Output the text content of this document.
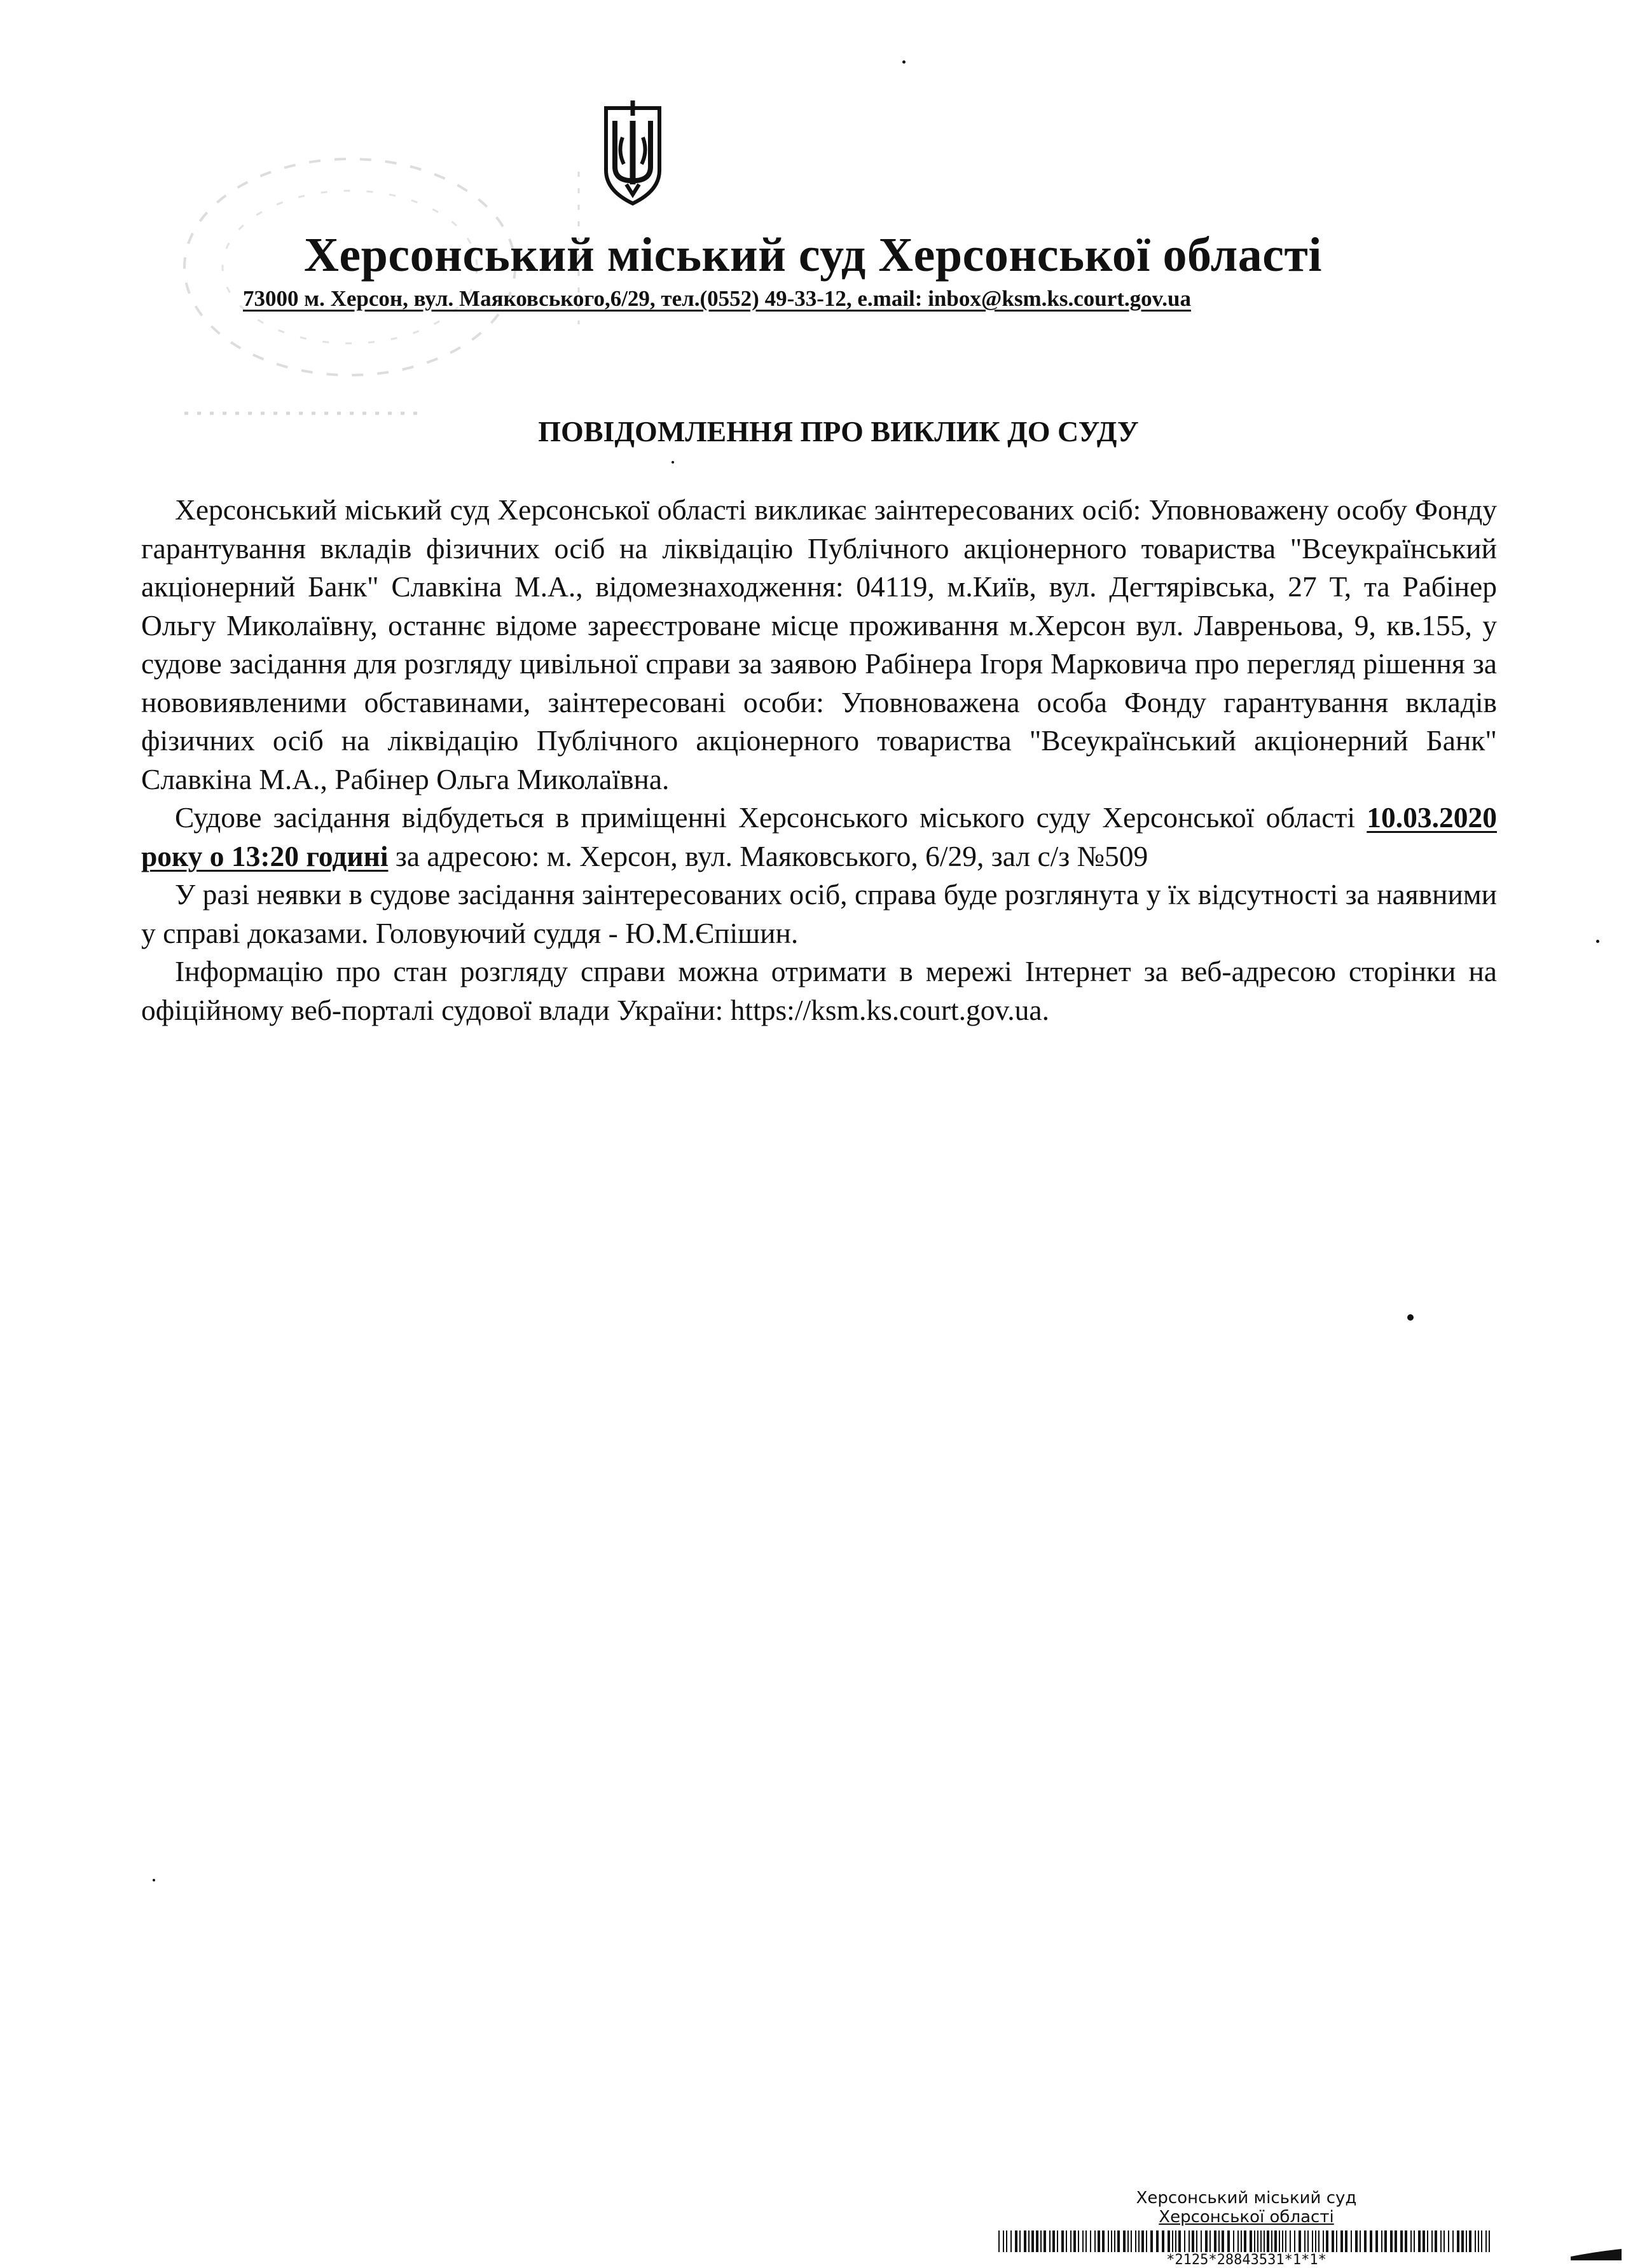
Херсонський міський суд Херсонської області
73000 м. Херсон, вул. Маяковського,6/29, тел.(0552) 49-33-12, e.mail: inbox@ksm.ks.court.gov.ua
ПОВІДОМЛЕННЯ ПРО ВИКЛИК ДО СУДУ

Херсонський міський суд Херсонської області викликає заінтересованих осіб: Уповноважену особу Фонду гарантування вкладів фізичних осіб на ліквідацію Публічного акціонерного товариства "Всеукраїнський акціонерний Банк" Славкіна М.А., відомезнаходження: 04119, м.Київ, вул. Дегтярівська, 27 Т, та Рабінер Ольгу Миколаївну, останнє відоме зареєстроване місце проживання м.Херсон вул. Лавреньова, 9, кв.155, у судове засідання для розгляду цивільної справи за заявою Рабінера Ігоря Марковича про перегляд рішення за нововиявленими обставинами, заінтересовані особи: Уповноважена особа Фонду гарантування вкладів фізичних осіб на ліквідацію Публічного акціонерного товариства "Всеукраїнський акціонерний Банк" Славкіна М.А., Рабінер Ольга Миколаївна.

Судове засідання відбудеться в приміщенні Херсонського міського суду Херсонської області 10.03.2020 року о 13:20 годині за адресою: м. Херсон, вул. Маяковського, 6/29, зал с/з №509

У разі неявки в судове засідання заінтересованих осіб, справа буде розглянута у їх відсутності за наявними у справі доказами. Головуючий суддя - Ю.М.Єпішин.

Інформацію про стан розгляду справи можна отримати в мережі Інтернет за веб-адресою сторінки на офіційному веб-порталі судової влади України: https://ksm.ks.court.gov.ua.

Херсонський міський суд
Херсонської області
*2125*28843531*1*1*
